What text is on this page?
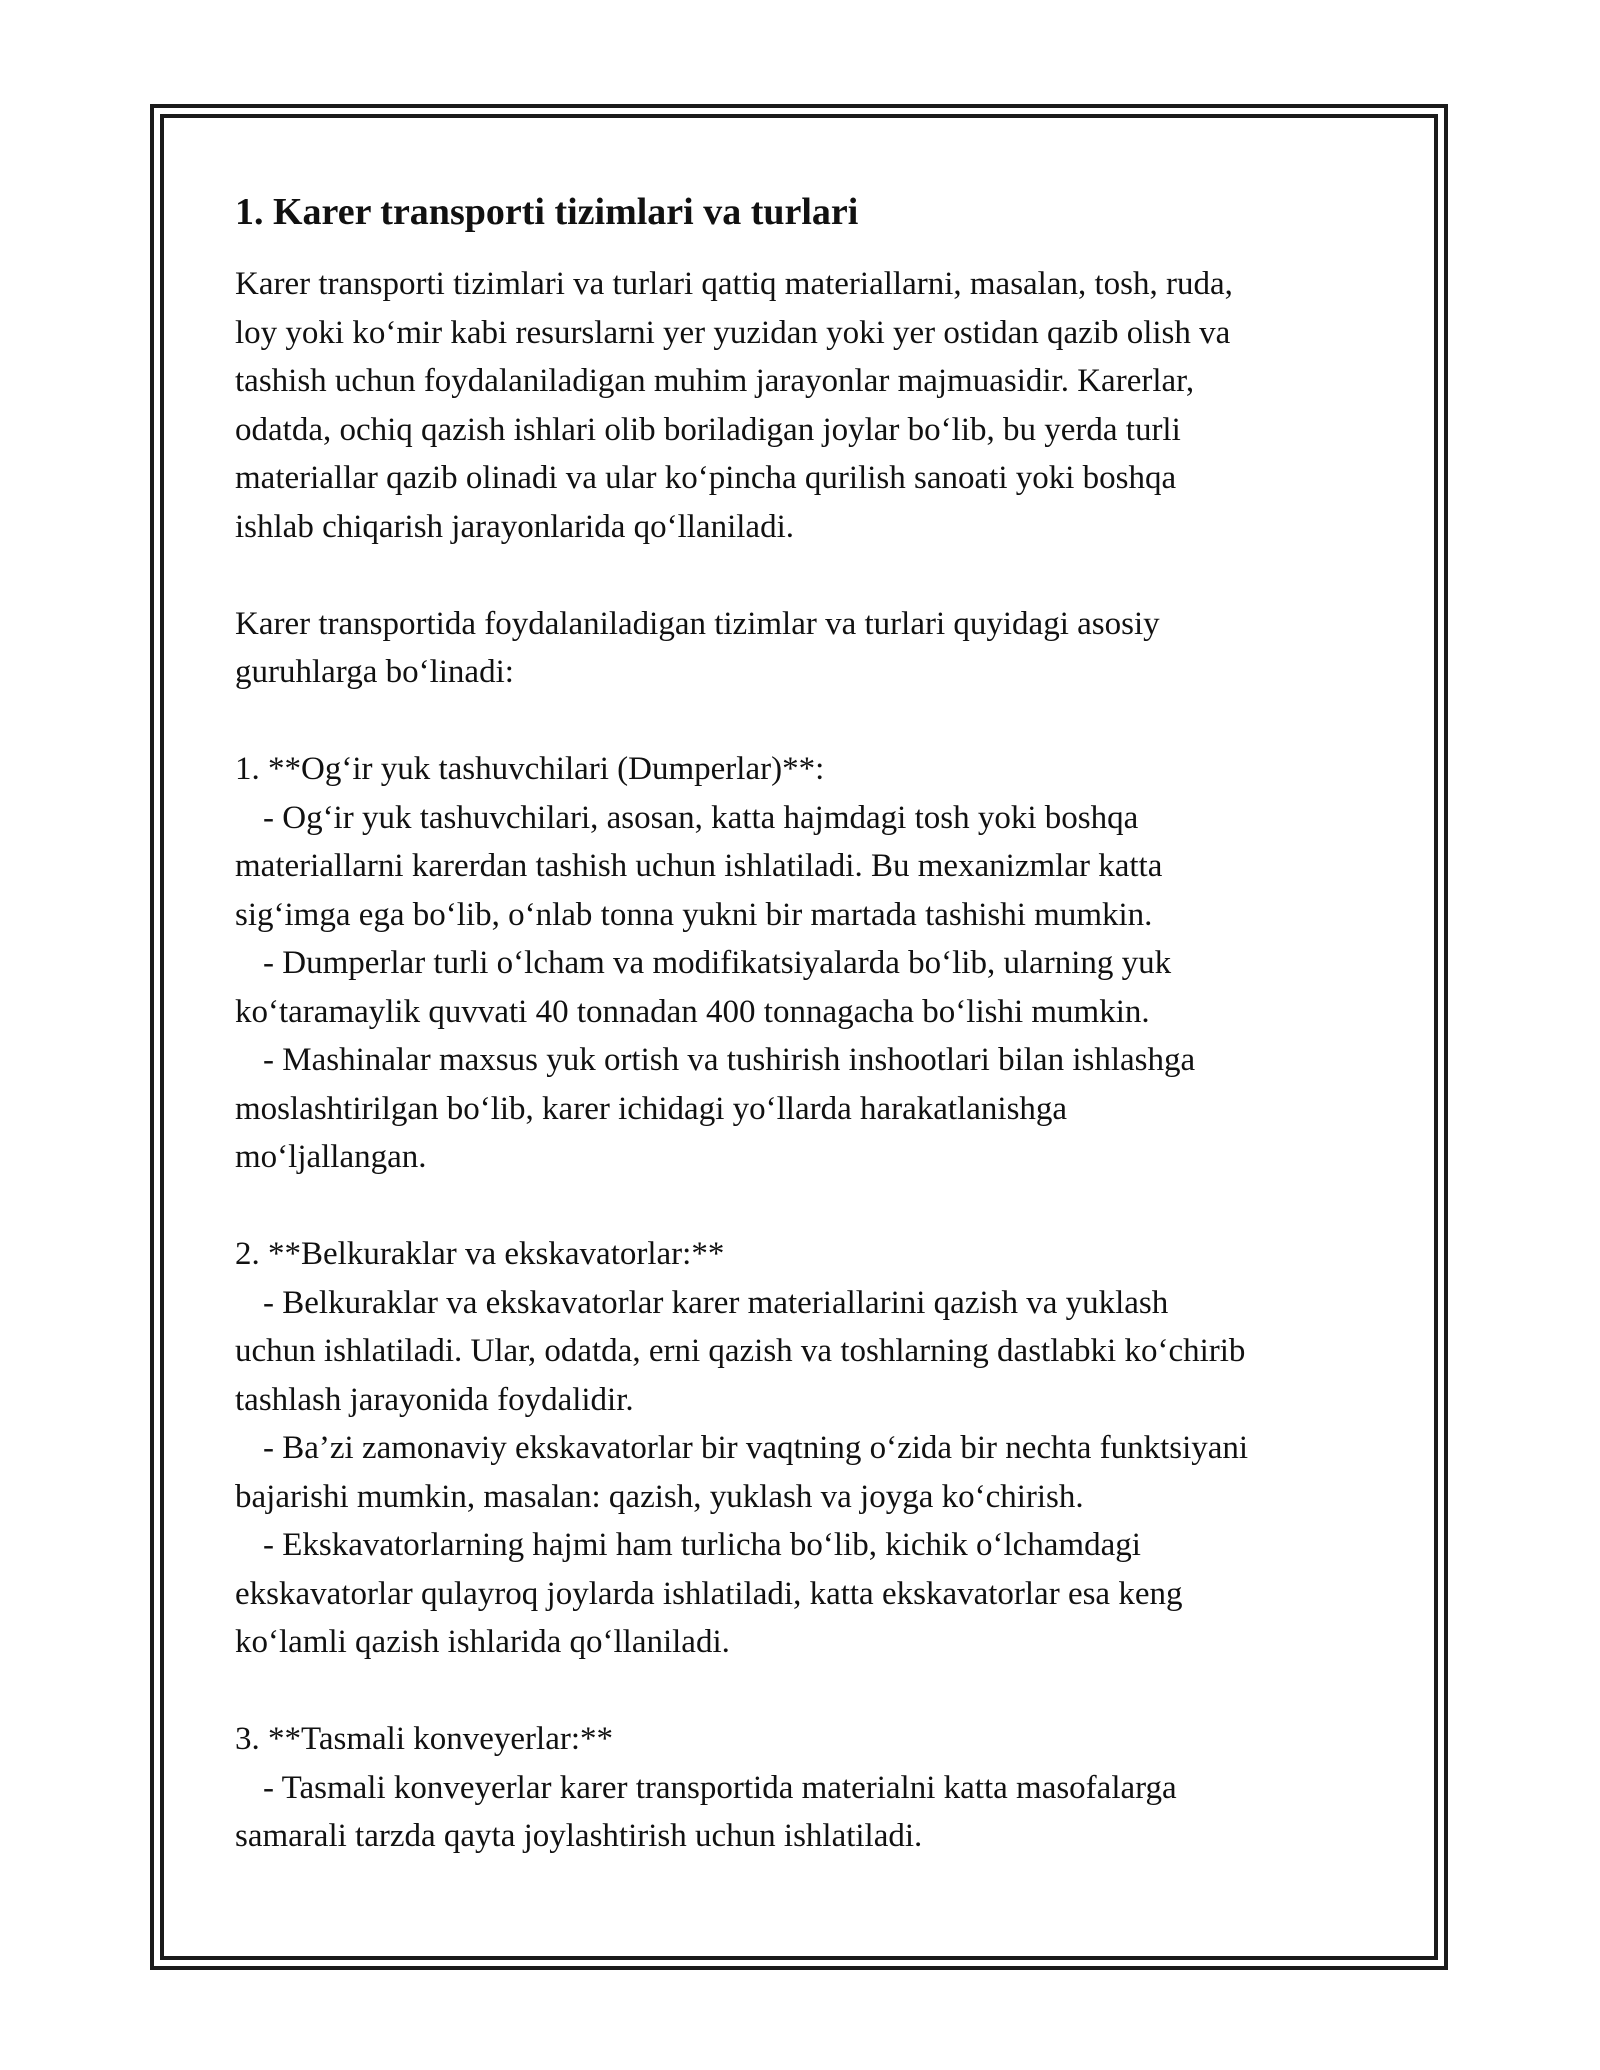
1. Karer transporti tizimlari va turlari

Karer transporti tizimlari va turlari qattiq materiallarni, masalan, tosh, ruda,

loy yoki ko‘mir kabi resurslarni yer yuzidan yoki yer ostidan qazib olish va

tashish uchun foydalaniladigan muhim jarayonlar majmuasidir. Karerlar,

odatda, ochiq qazish ishlari olib boriladigan joylar bo‘lib, bu yerda turli

materiallar qazib olinadi va ular ko‘pincha qurilish sanoati yoki boshqa

ishlab chiqarish jarayonlarida qo‘llaniladi.

Karer transportida foydalaniladigan tizimlar va turlari quyidagi asosiy

guruhlarga bo‘linadi:

1. **Og‘ir yuk tashuvchilari (Dumperlar)**:

- Og‘ir yuk tashuvchilari, asosan, katta hajmdagi tosh yoki boshqa

materiallarni karerdan tashish uchun ishlatiladi. Bu mexanizmlar katta

sig‘imga ega bo‘lib, o‘nlab tonna yukni bir martada tashishi mumkin.

- Dumperlar turli o‘lcham va modifikatsiyalarda bo‘lib, ularning yuk

ko‘taramaylik quvvati 40 tonnadan 400 tonnagacha bo‘lishi mumkin.

- Mashinalar maxsus yuk ortish va tushirish inshootlari bilan ishlashga

moslashtirilgan bo‘lib, karer ichidagi yo‘llarda harakatlanishga

mo‘ljallangan.

2. **Belkuraklar va ekskavatorlar:**

- Belkuraklar va ekskavatorlar karer materiallarini qazish va yuklash

uchun ishlatiladi. Ular, odatda, erni qazish va toshlarning dastlabki ko‘chirib

tashlash jarayonida foydalidir.

- Ba’zi zamonaviy ekskavatorlar bir vaqtning o‘zida bir nechta funktsiyani

bajarishi mumkin, masalan: qazish, yuklash va joyga ko‘chirish.

- Ekskavatorlarning hajmi ham turlicha bo‘lib, kichik o‘lchamdagi

ekskavatorlar qulayroq joylarda ishlatiladi, katta ekskavatorlar esa keng

ko‘lamli qazish ishlarida qo‘llaniladi.

3. **Tasmali konveyerlar:**

- Tasmali konveyerlar karer transportida materialni katta masofalarga

samarali tarzda qayta joylashtirish uchun ishlatiladi.
